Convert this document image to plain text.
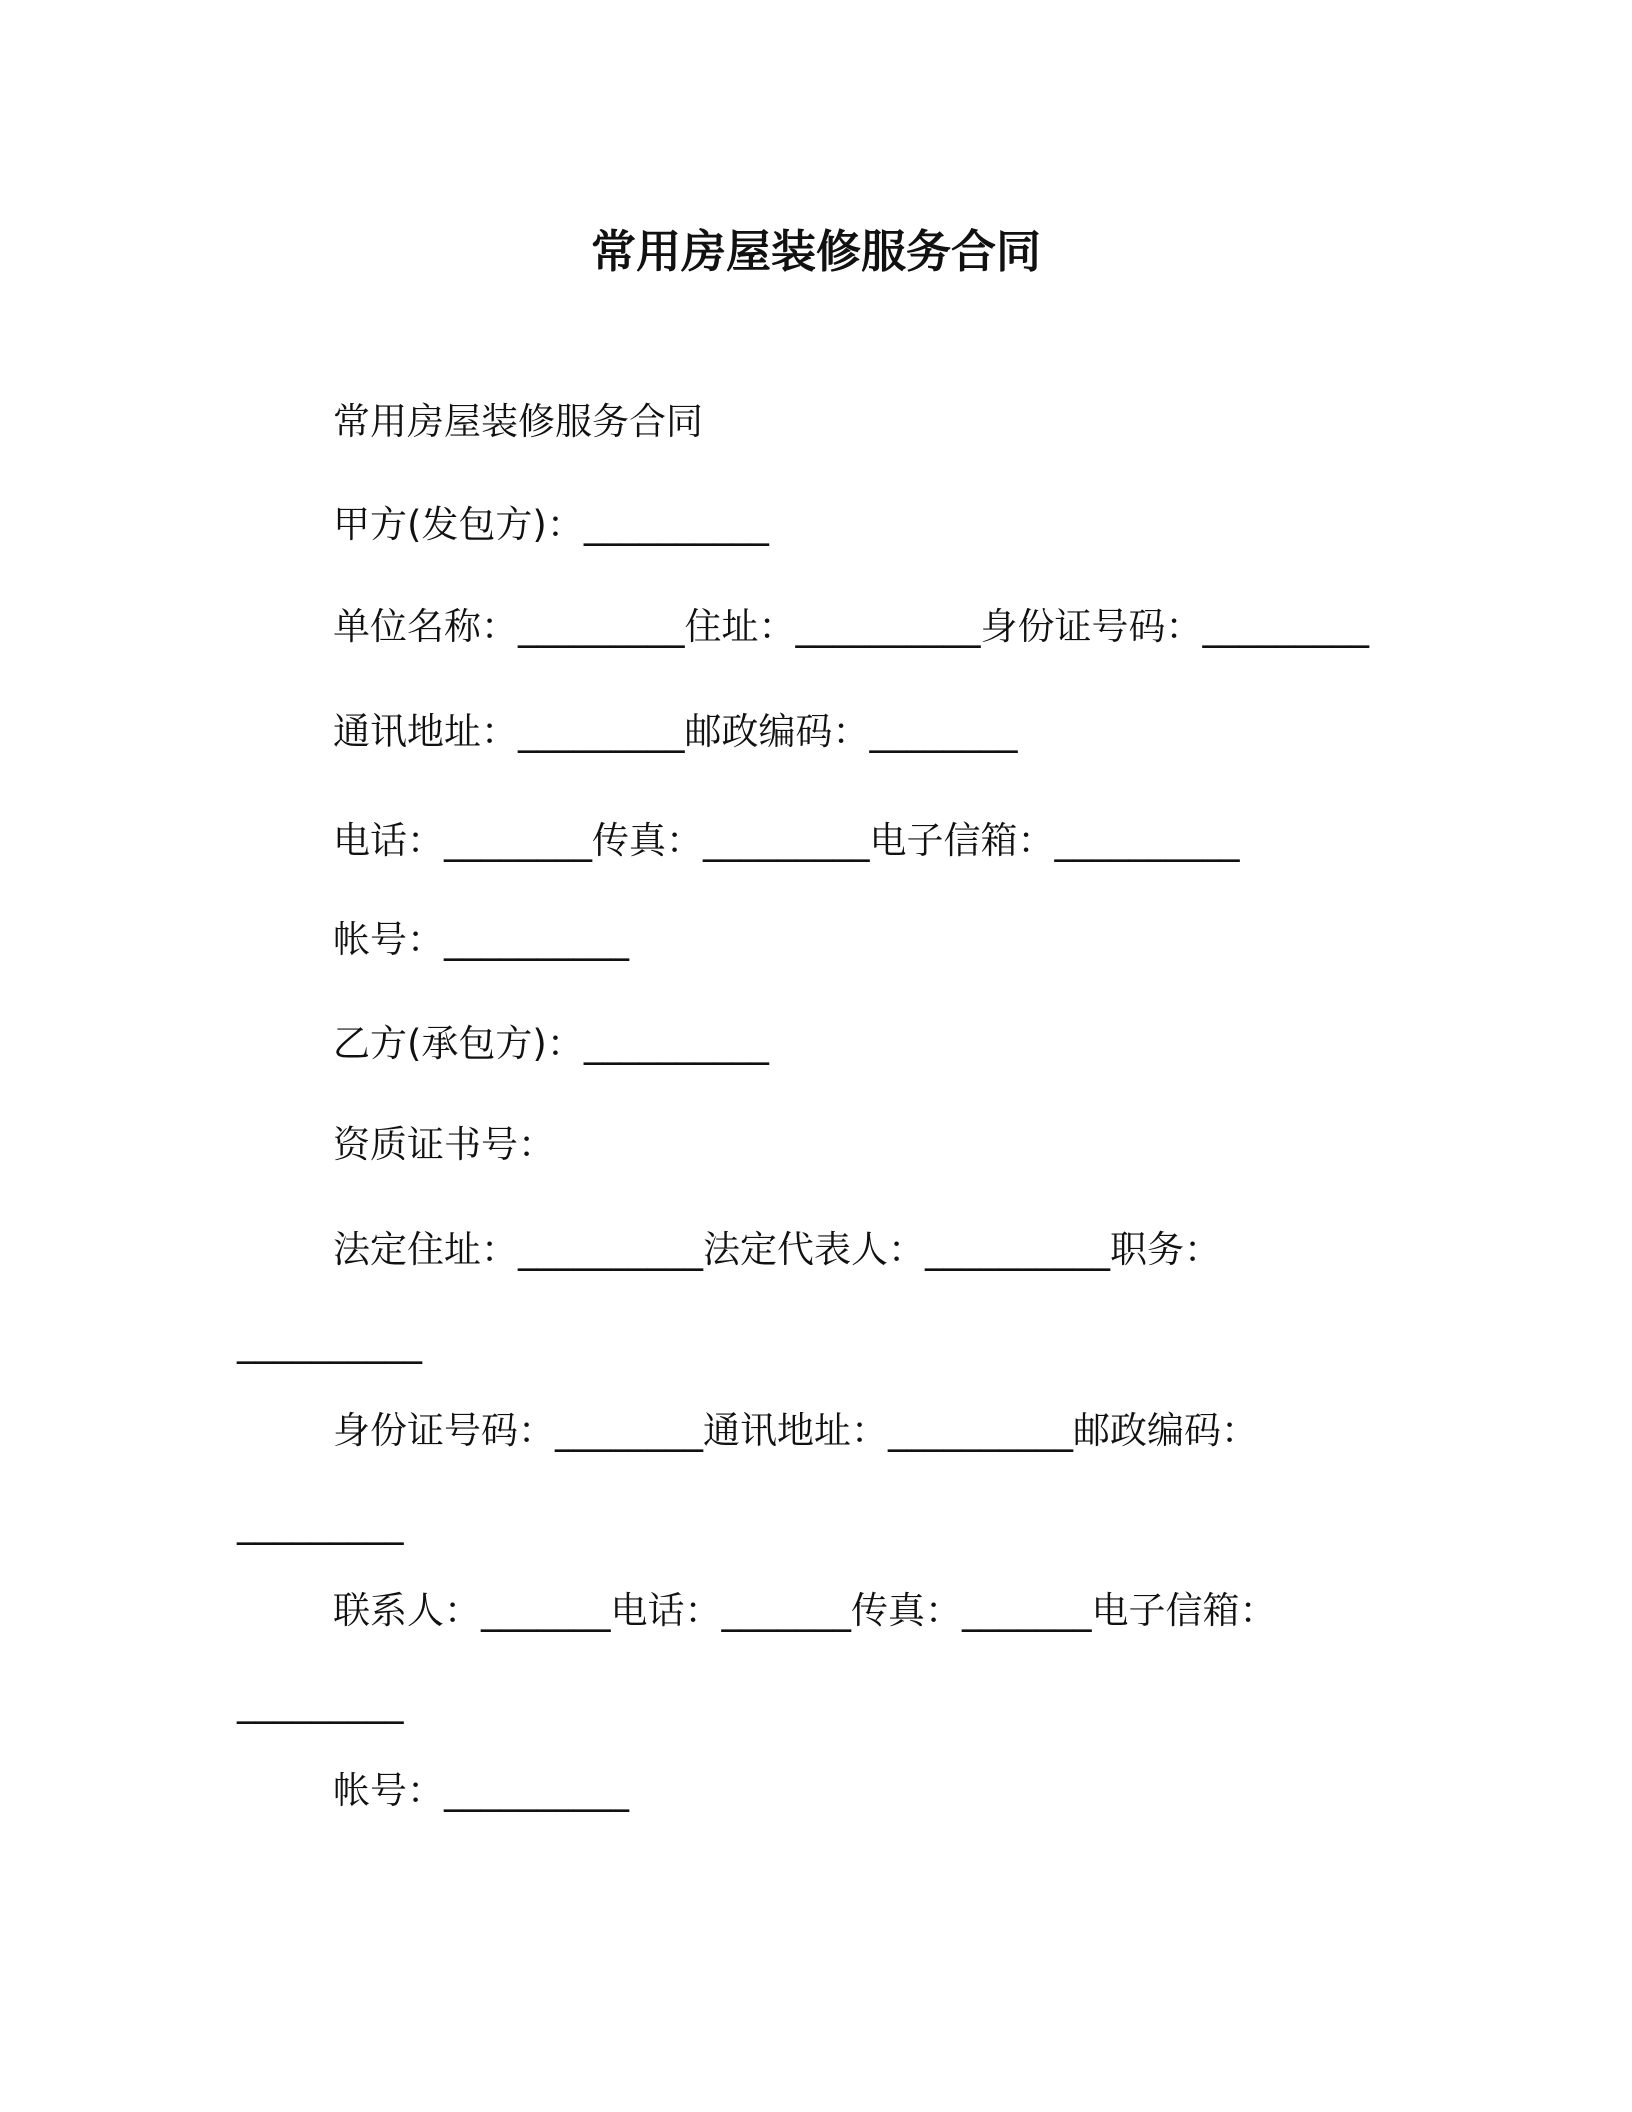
常用房屋装修服务合同
常用房屋装修服务合同
甲方(发包方)：__________
单位名称：_________住址：__________身份证号码：_________
通讯地址：_________邮政编码：________
电话：________传真：_________电子信箱：__________
帐号：__________
乙方(承包方)：__________
资质证书号：
法定住址：__________法定代表人：__________职务：
__________
身份证号码：________通讯地址：__________邮政编码：
_________
联系人：_______电话：_______传真：_______电子信箱：
_________
帐号：__________
